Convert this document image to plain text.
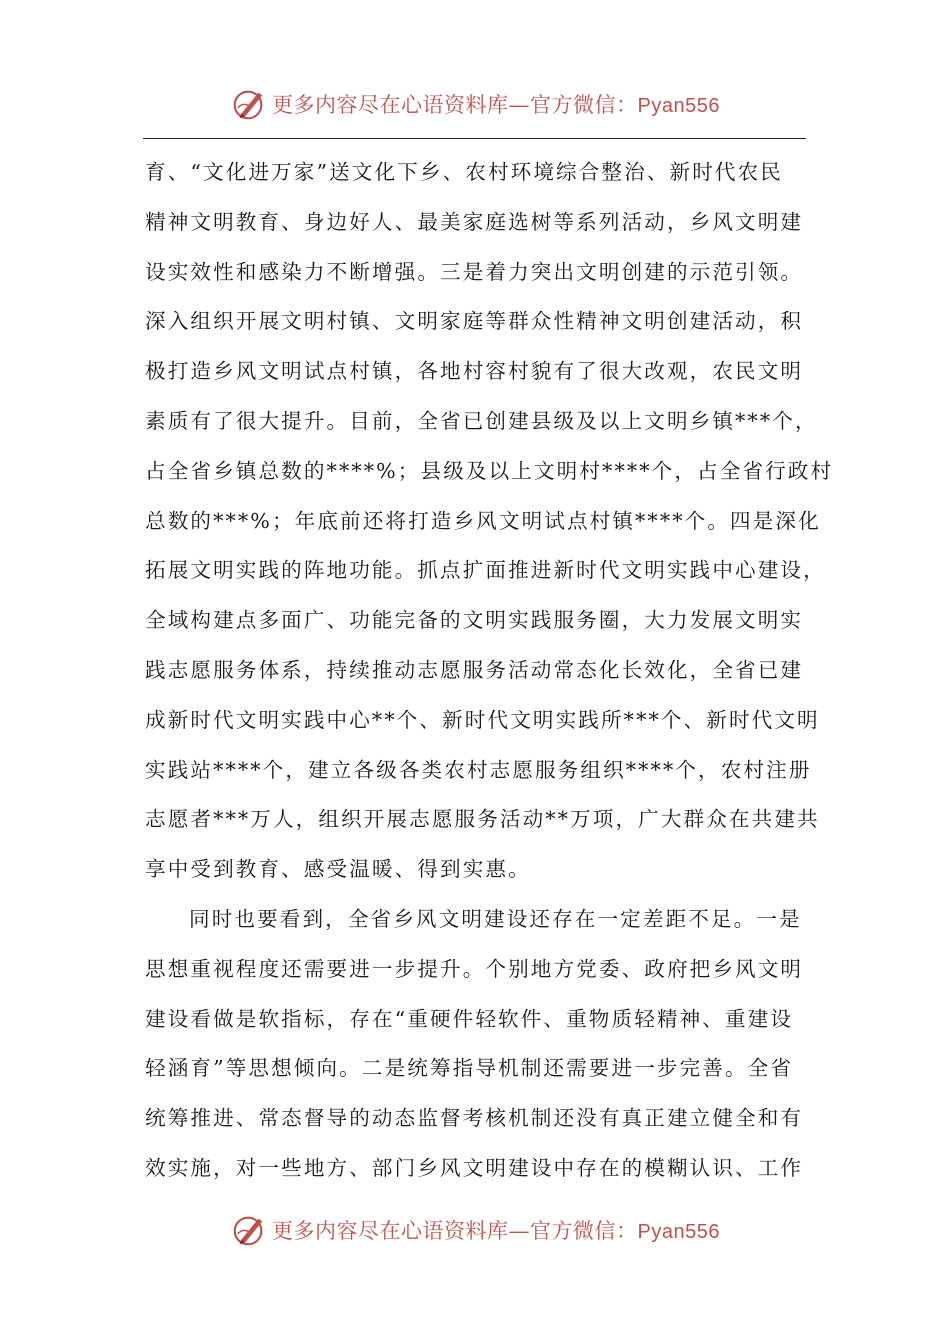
更多内容尽在心语资料库—官方微信：Pyan556
育、“文化进万家”送文化下乡、农村环境综合整治、新时代农民
精神文明教育、身边好人、最美家庭选树等系列活动，乡风文明建
设实效性和感染力不断增强。三是着力突出文明创建的示范引领。
深入组织开展文明村镇、文明家庭等群众性精神文明创建活动，积
极打造乡风文明试点村镇，各地村容村貌有了很大改观，农民文明
素质有了很大提升。目前，全省已创建县级及以上文明乡镇***个，
占全省乡镇总数的****%；县级及以上文明村****个，占全省行政村
总数的***%；年底前还将打造乡风文明试点村镇****个。四是深化
拓展文明实践的阵地功能。抓点扩面推进新时代文明实践中心建设，
全域构建点多面广、功能完备的文明实践服务圈，大力发展文明实
践志愿服务体系，持续推动志愿服务活动常态化长效化，全省已建
成新时代文明实践中心**个、新时代文明实践所***个、新时代文明
实践站****个，建立各级各类农村志愿服务组织****个，农村注册
志愿者***万人，组织开展志愿服务活动**万项，广大群众在共建共
享中受到教育、感受温暖、得到实惠。
同时也要看到，全省乡风文明建设还存在一定差距不足。一是
思想重视程度还需要进一步提升。个别地方党委、政府把乡风文明
建设看做是软指标，存在“重硬件轻软件、重物质轻精神、重建设
轻涵育”等思想倾向。二是统筹指导机制还需要进一步完善。全省
统筹推进、常态督导的动态监督考核机制还没有真正建立健全和有
效实施，对一些地方、部门乡风文明建设中存在的模糊认识、工作
更多内容尽在心语资料库—官方微信：Pyan556
